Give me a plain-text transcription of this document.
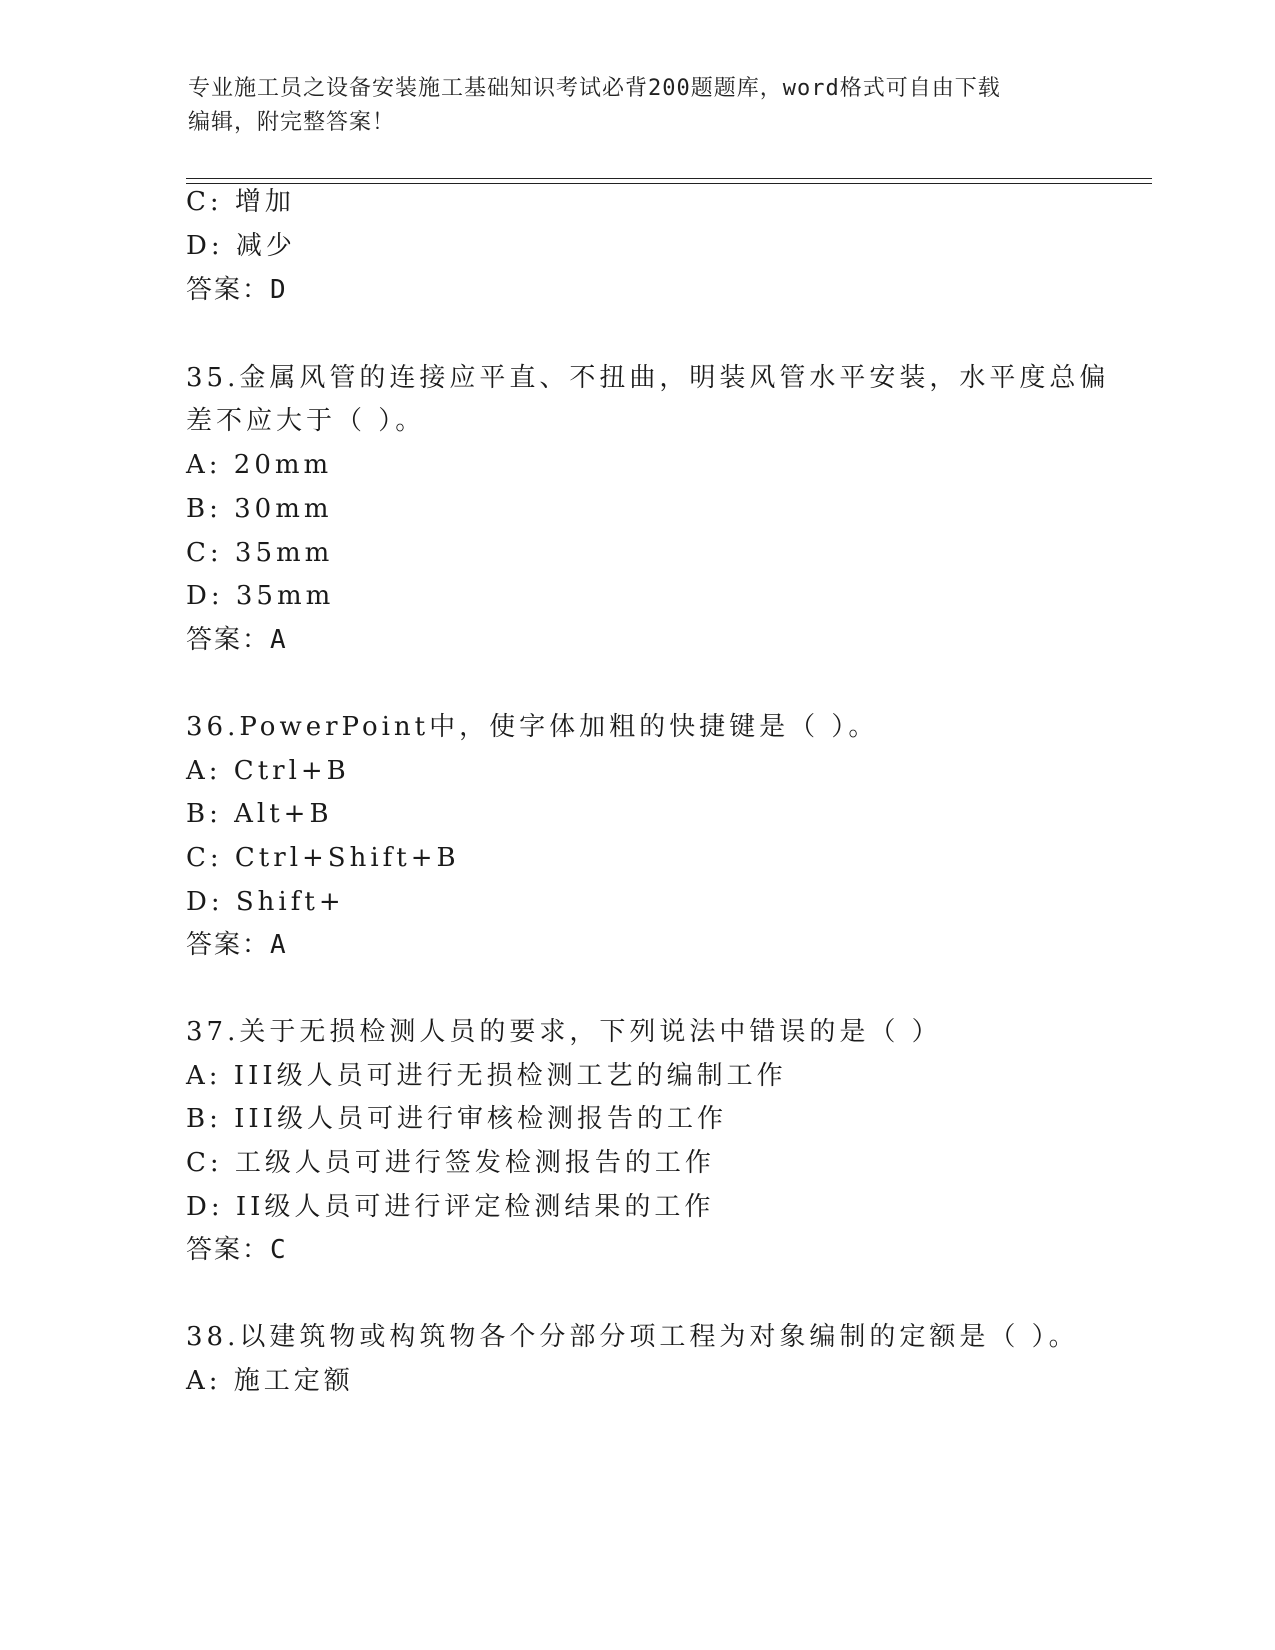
专业施工员之设备安装施工基础知识考试必背200题题库，word格式可自由下载
编辑，附完整答案！
C: 增加
D: 减少
答案：D
35.金属风管的连接应平直、不扭曲，明装风管水平安装，水平度总偏
差不应大于（ ）。
A: 20mm
B: 30mm
C: 35mm
D: 35mm
答案：A
36.PowerPoint中，使字体加粗的快捷键是（ ）。
A: Ctrl+B
B: Alt+B
C: Ctrl+Shift+B
D: Shift+
答案：A
37.关于无损检测人员的要求，下列说法中错误的是（ ）
A: III级人员可进行无损检测工艺的编制工作
B: III级人员可进行审核检测报告的工作
C: 工级人员可进行签发检测报告的工作
D: II级人员可进行评定检测结果的工作
答案：C
38.以建筑物或构筑物各个分部分项工程为对象编制的定额是（ ）。
A: 施工定额
